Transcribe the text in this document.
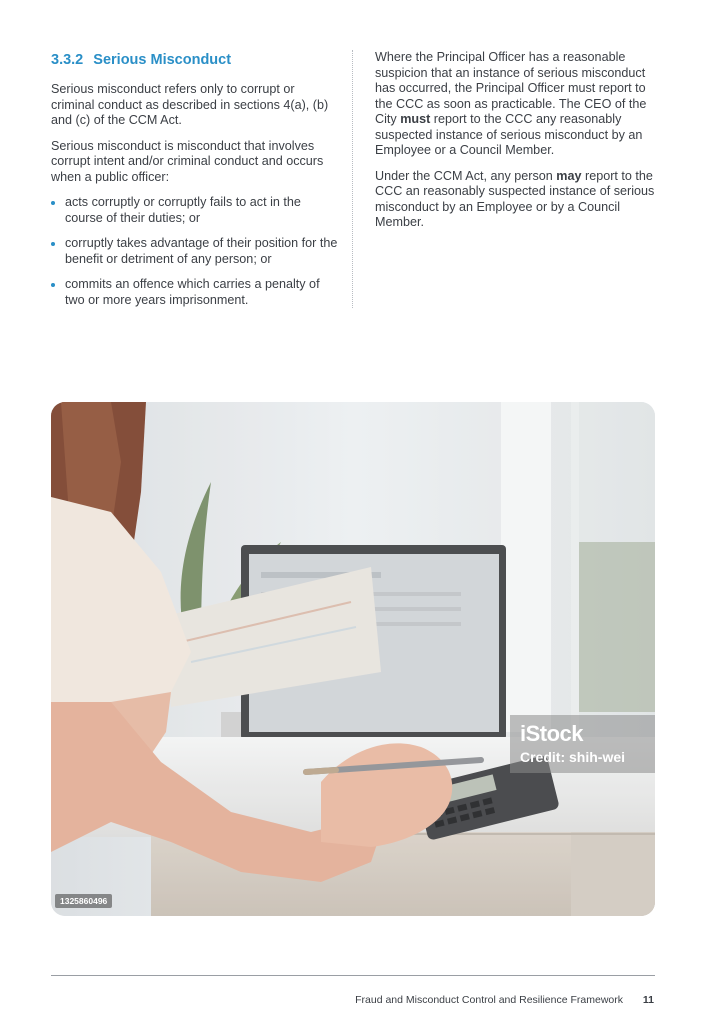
3.3.2 Serious Misconduct

Serious misconduct refers only to corrupt or criminal conduct as described in sections 4(a), (b) and (c) of the CCM Act.

Serious misconduct is misconduct that involves corrupt intent and/or criminal conduct and occurs when a public officer:

acts corruptly or corruptly fails to act in the course of their duties; or
corruptly takes advantage of their position for the benefit or detriment of any person; or
commits an offence which carries a penalty of two or more years imprisonment.

Where the Principal Officer has a reasonable suspicion that an instance of serious misconduct has occurred, the Principal Officer must report to the CCC as soon as practicable. The CEO of the City must report to the CCC any reasonably suspected instance of serious misconduct by an Employee or a Council Member.

Under the CCM Act, any person may report to the CCC an reasonably suspected instance of serious misconduct by an Employee or by a Council Member.

iStock
Credit: shih-wei
1325860496
Fraud and Misconduct Control and Resilience Framework 11
